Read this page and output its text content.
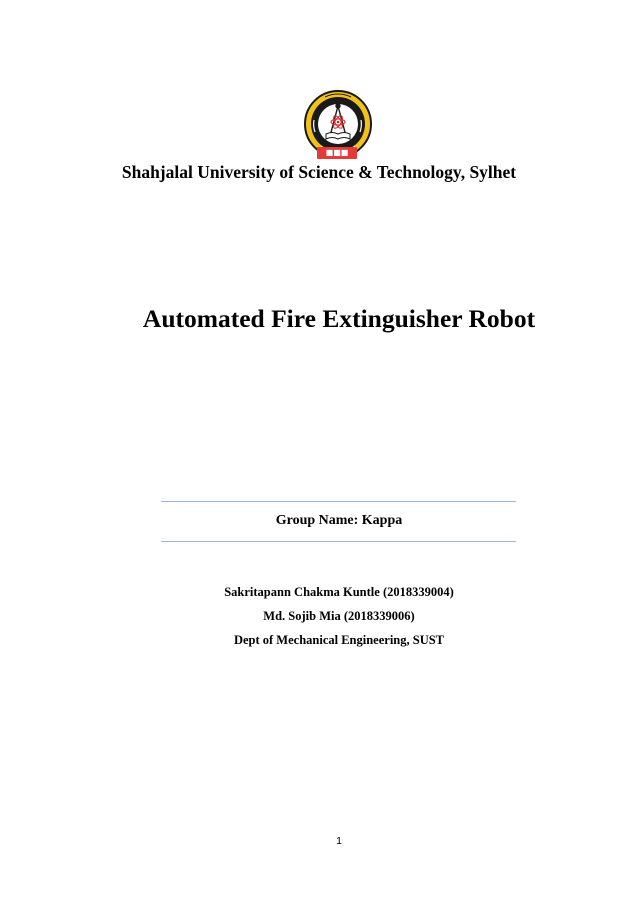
■■■
Shahjalal University of Science & Technology, Sylhet
Automated Fire Extinguisher Robot
Group Name: Kappa
Sakritapann Chakma Kuntle (2018339004)
Md. Sojib Mia (2018339006)
Dept of Mechanical Engineering, SUST
1
